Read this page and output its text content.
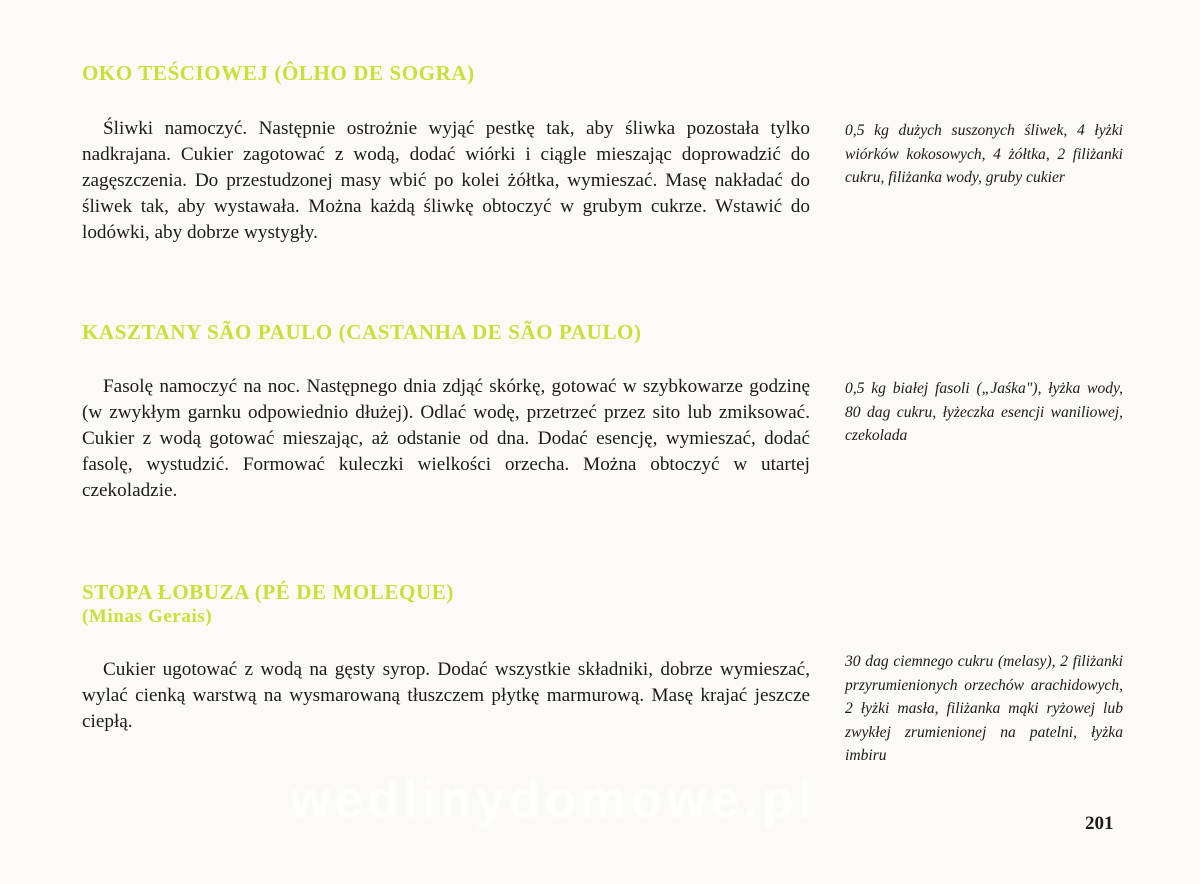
OKO TEŚCIOWEJ (ÔLHO DE SOGRA)
Śliwki namoczyć. Następnie ostrożnie wyjąć pestkę tak, aby śliwka pozostała tylko nadkrajana. Cukier zagotować z wodą, dodać wiórki i ciągle mieszając doprowadzić do zagęszczenia. Do przestudzonej masy wbić po kolei żółtka, wymieszać. Masę nakładać do śliwek tak, aby wystawała. Można każdą śliwkę obtoczyć w grubym cukrze. Wstawić do lodówki, aby dobrze wystygły.
0,5 kg dużych suszonych śliwek, 4 łyżki wiórków kokosowych, 4 żółtka, 2 filiżanki cukru, filiżanka wody, gruby cukier
KASZTANY SÃO PAULO (CASTANHA DE SÃO PAULO)
Fasolę namoczyć na noc. Następnego dnia zdjąć skórkę, gotować w szybkowarze godzinę (w zwykłym garnku odpowiednio dłużej). Odlać wodę, przetrzeć przez sito lub zmiksować. Cukier z wodą gotować mieszając, aż odstanie od dna. Dodać esencję, wymieszać, dodać fasolę, wystudzić. Formować kuleczki wielkości orzecha. Można obtoczyć w utartej czekoladzie.
0,5 kg białej fasoli („Jaśka"), łyżka wody, 80 dag cukru, łyżeczka esencji waniliowej, czekolada
STOPA ŁOBUZA (PÉ DE MOLEQUE)
(Minas Gerais)
Cukier ugotować z wodą na gęsty syrop. Dodać wszystkie składniki, dobrze wymieszać, wylać cienką warstwą na wysmarowaną tłuszczem płytkę marmurową. Masę krajać jeszcze ciepłą.
30 dag ciemnego cukru (melasy), 2 filiżanki przyrumienionych orzechów arachidowych, 2 łyżki masła, filiżanka mąki ryżowej lub zwykłej zrumienionej na patelni, łyżka imbiru
wedlinydomowe.pl	201
